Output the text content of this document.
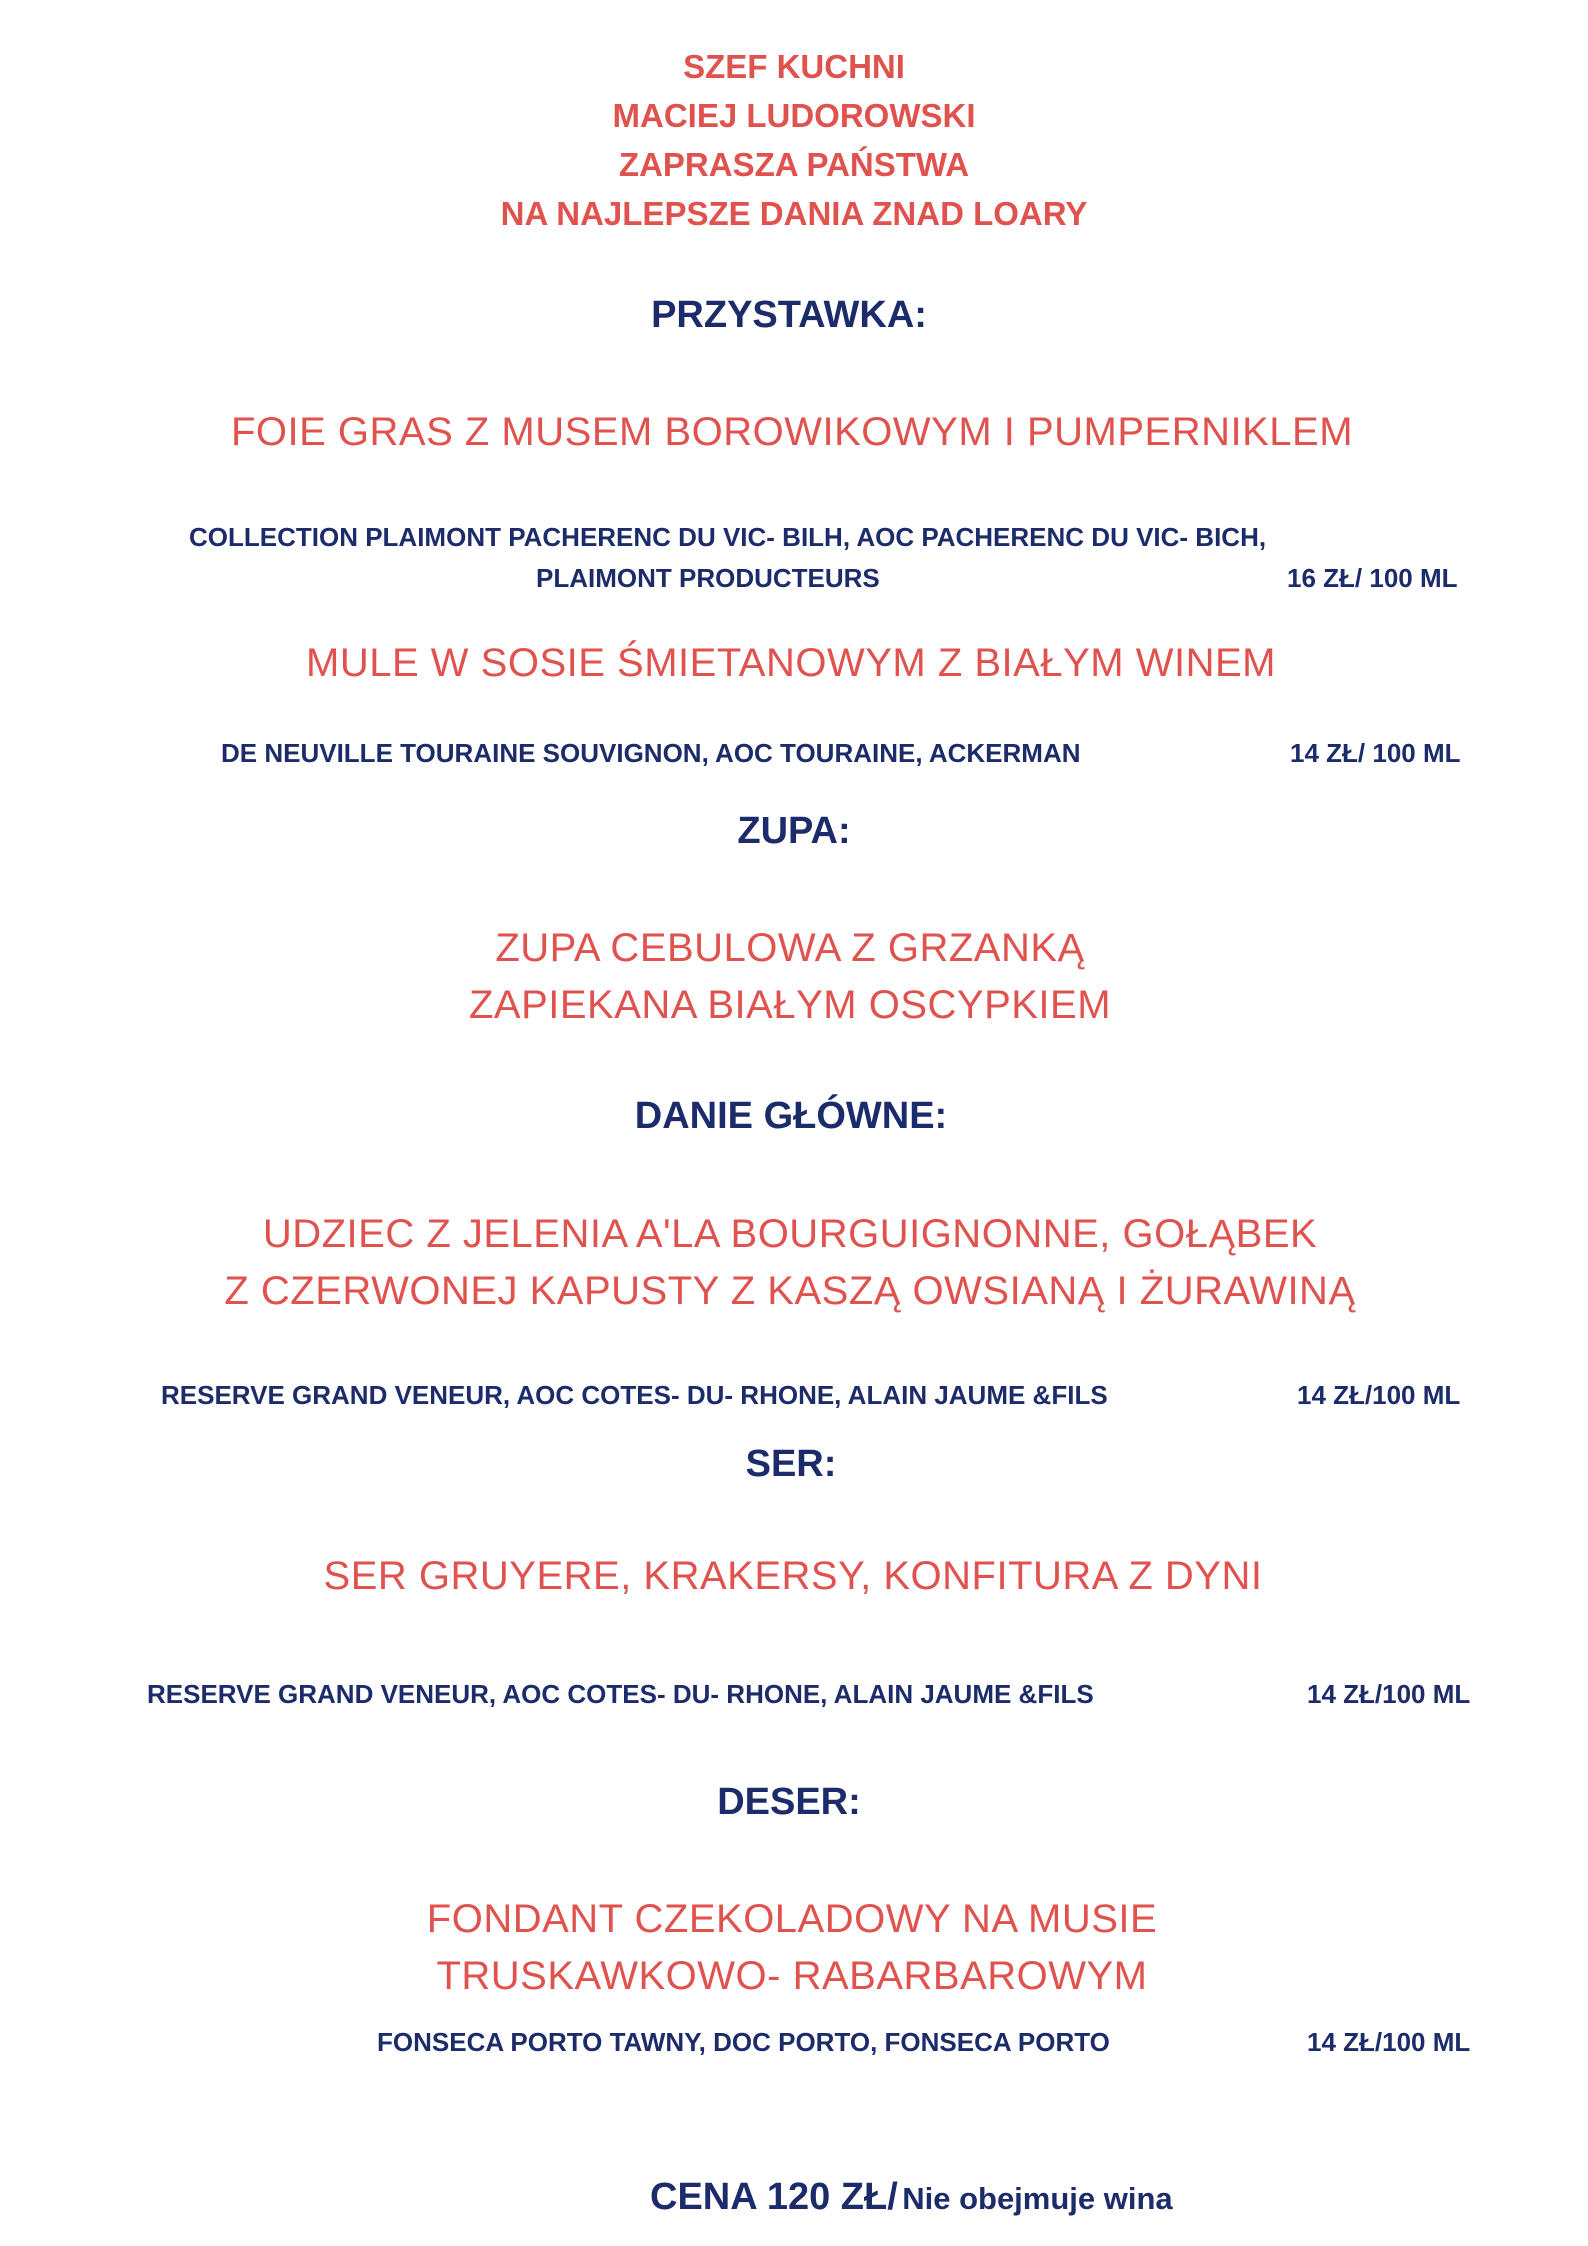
SZEF KUCHNI
MACIEJ LUDOROWSKI
ZAPRASZA PAŃSTWA
NA NAJLEPSZE DANIA ZNAD LOARY
PRZYSTAWKA:
FOIE GRAS Z MUSEM BOROWIKOWYM I PUMPERNIKLEM
COLLECTION PLAIMONT PACHERENC DU VIC- BILH, AOC PACHERENC DU VIC- BICH,
PLAIMONT PRODUCTEURS	16 ZŁ/ 100 ML
MULE W SOSIE ŚMIETANOWYM Z BIAŁYM WINEM
DE NEUVILLE TOURAINE SOUVIGNON, AOC TOURAINE, ACKERMAN	14 ZŁ/ 100 ML
ZUPA:
ZUPA CEBULOWA Z GRZANKĄ
ZAPIEKANA BIAŁYM OSCYPKIEM
DANIE GŁÓWNE:
UDZIEC Z JELENIA A'LA BOURGUIGNONNE, GOŁĄBEK
Z CZERWONEJ KAPUSTY Z KASZĄ OWSIANĄ I ŻURAWINĄ
RESERVE GRAND VENEUR, AOC COTES- DU- RHONE, ALAIN JAUME &FILS	14 ZŁ/100 ML
SER:
SER GRUYERE, KRAKERSY, KONFITURA Z DYNI
RESERVE GRAND VENEUR, AOC COTES- DU- RHONE, ALAIN JAUME &FILS	14 ZŁ/100 ML
DESER:
FONDANT CZEKOLADOWY NA MUSIE
TRUSKAWKOWO- RABARBAROWYM
FONSECA PORTO TAWNY, DOC PORTO, FONSECA PORTO	14 ZŁ/100 ML
CENA 120 ZŁ/ Nie obejmuje wina
